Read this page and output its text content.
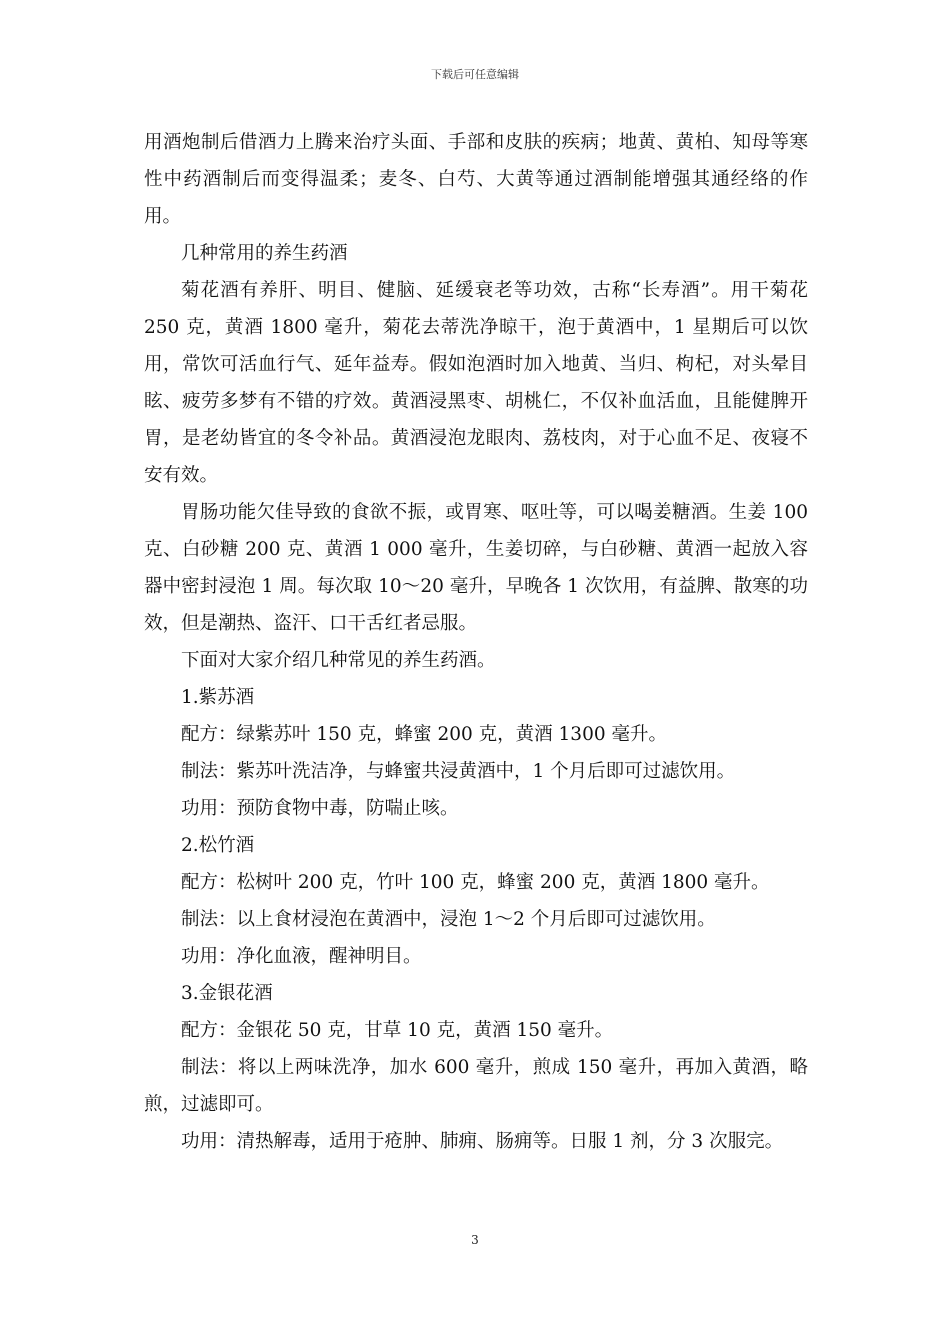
下载后可任意编辑

用酒炮制后借酒力上腾来治疗头面、手部和皮肤的疾病；地黄、黄柏、知母等寒性中药酒制后而变得温柔；麦冬、白芍、大黄等通过酒制能增强其通经络的作用。

几种常用的养生药酒

菊花酒有养肝、明目、健脑、延缓衰老等功效，古称“长寿酒”。用干菊花 250 克，黄酒 1800 毫升，菊花去蒂洗净晾干，泡于黄酒中，1 星期后可以饮用，常饮可活血行气、延年益寿。假如泡酒时加入地黄、当归、枸杞，对头晕目眩、疲劳多梦有不错的疗效。黄酒浸黑枣、胡桃仁，不仅补血活血，且能健脾开胃，是老幼皆宜的冬令补品。黄酒浸泡龙眼肉、荔枝肉，对于心血不足、夜寝不安有效。

胃肠功能欠佳导致的食欲不振，或胃寒、呕吐等，可以喝姜糖酒。生姜 100 克、白砂糖 200 克、黄酒 1 000 毫升，生姜切碎，与白砂糖、黄酒一起放入容器中密封浸泡 1 周。每次取 10～20 毫升，早晚各 1 次饮用，有益脾、散寒的功效，但是潮热、盗汗、口干舌红者忌服。

下面对大家介绍几种常见的养生药酒。

1.紫苏酒

配方：绿紫苏叶 150 克，蜂蜜 200 克，黄酒 1300 毫升。

制法：紫苏叶洗洁净，与蜂蜜共浸黄酒中，1 个月后即可过滤饮用。

功用：预防食物中毒，防喘止咳。

2.松竹酒

配方：松树叶 200 克，竹叶 100 克，蜂蜜 200 克，黄酒 1800 毫升。

制法：以上食材浸泡在黄酒中，浸泡 1～2 个月后即可过滤饮用。

功用：净化血液，醒神明目。

3.金银花酒

配方：金银花 50 克，甘草 10 克，黄酒 150 毫升。

制法：将以上两味洗净，加水 600 毫升，煎成 150 毫升，再加入黄酒，略煎，过滤即可。

功用：清热解毒，适用于疮肿、肺痈、肠痈等。日服 1 剂，分 3 次服完。

3
